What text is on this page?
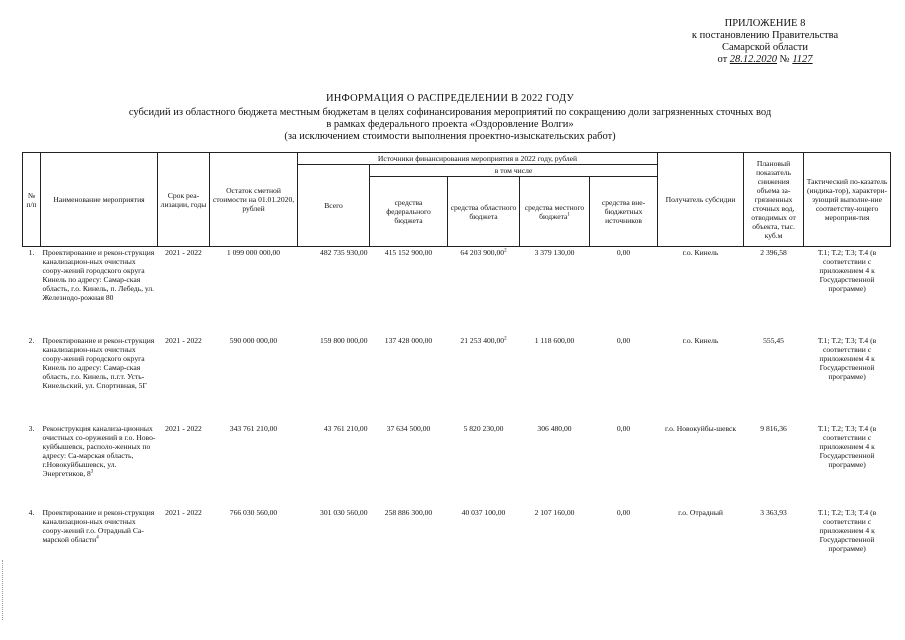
ПРИЛОЖЕНИЕ 8
к постановлению Правительства
Самарской области
от 28.12.2020 № 1127
ИНФОРМАЦИЯ О РАСПРЕДЕЛЕНИИ В 2022 ГОДУ
субсидий из областного бюджета местным бюджетам в целях софинансирования мероприятий по сокращению доли загрязненных сточных вод
в рамках федерального проекта «Оздоровление Волги»
(за исключением стоимости выполнения проектно-изыскательских работ)
№ п/п	Наименование мероприятия	Срок реа-лизации, годы	Остаток сметной стоимости на 01.01.2020, рублей	Источники финансирования мероприятия в 2022 году, рублей					Получатель субсидии	Плановый показатель снижения объема за-грязненных сточных вод, отводимых от объекта, тыс. куб.м	Тактический по-казатель (индика-тор), характери-зующий выполне-ние соответству-ющего мероприя-тия
				Всего	в том числе						
					средства федерального бюджета	средства областного бюджета	средства местного бюджета$^1$	средства вне-бюджетных источников			
1.	Проектирование и рекон-струкция канализацион-ных очистных соору-жений городского округа Кинель по адресу: Самар-ская область, г.о. Кинель, п. Лебедь, ул. Железнодо-рожная 80	2021 - 2022	1 099 000 000,00	482 735 930,00	415 152 900,00	64 203 900,00$^2$	3 379 130,00	0,00	г.о. Кинель	2 396,58	Т.1; Т.2; Т.3; Т.4 (в соответствии с приложением 4 к Государственной программе)
2.	Проектирование и рекон-струкция канализацион-ных очистных соору-жений городского округа Кинель по адресу: Самар-ская область, г.о. Кинель, п.г.т. Усть-Кинельский, ул. Спортивная, 5Г	2021 - 2022	590 000 000,00	159 800 000,00	137 428 000,00	21 253 400,00$^2$	1 118 600,00	0,00	г.о. Кинель	555,45	Т.1; Т.2; Т.3; Т.4 (в соответствии с приложением 4 к Государственной программе)
3.	Реконструкция канализа-ционных очистных со-оружений в г.о. Ново-куйбышевск, располо-женных по адресу: Са-марская область, г.Новокуйбышевск, ул. Энергетиков, $8^3$	2021 - 2022	343 761 210,00	43 761 210,00	37 634 500,00	5 820 230,00	306 480,00	0,00	г.о. Новокуйбы-шевск	9 816,36	Т.1; Т.2; Т.3; Т.4 (в соответствии с приложением 4 к Государственной программе)
4.	Проектирование и рекон-струкция канализацион-ных очистных соору-жений г.о. Отрадный Са-марской области$^4$	2021 - 2022	766 030 560,00	301 030 560,00	258 886 300,00	40 037 100,00	2 107 160,00	0,00	г.о. Отрадный	3 363,93	Т.1; Т.2; Т.3; Т.4 (в соответствии с приложением 4 к Государственной программе)
